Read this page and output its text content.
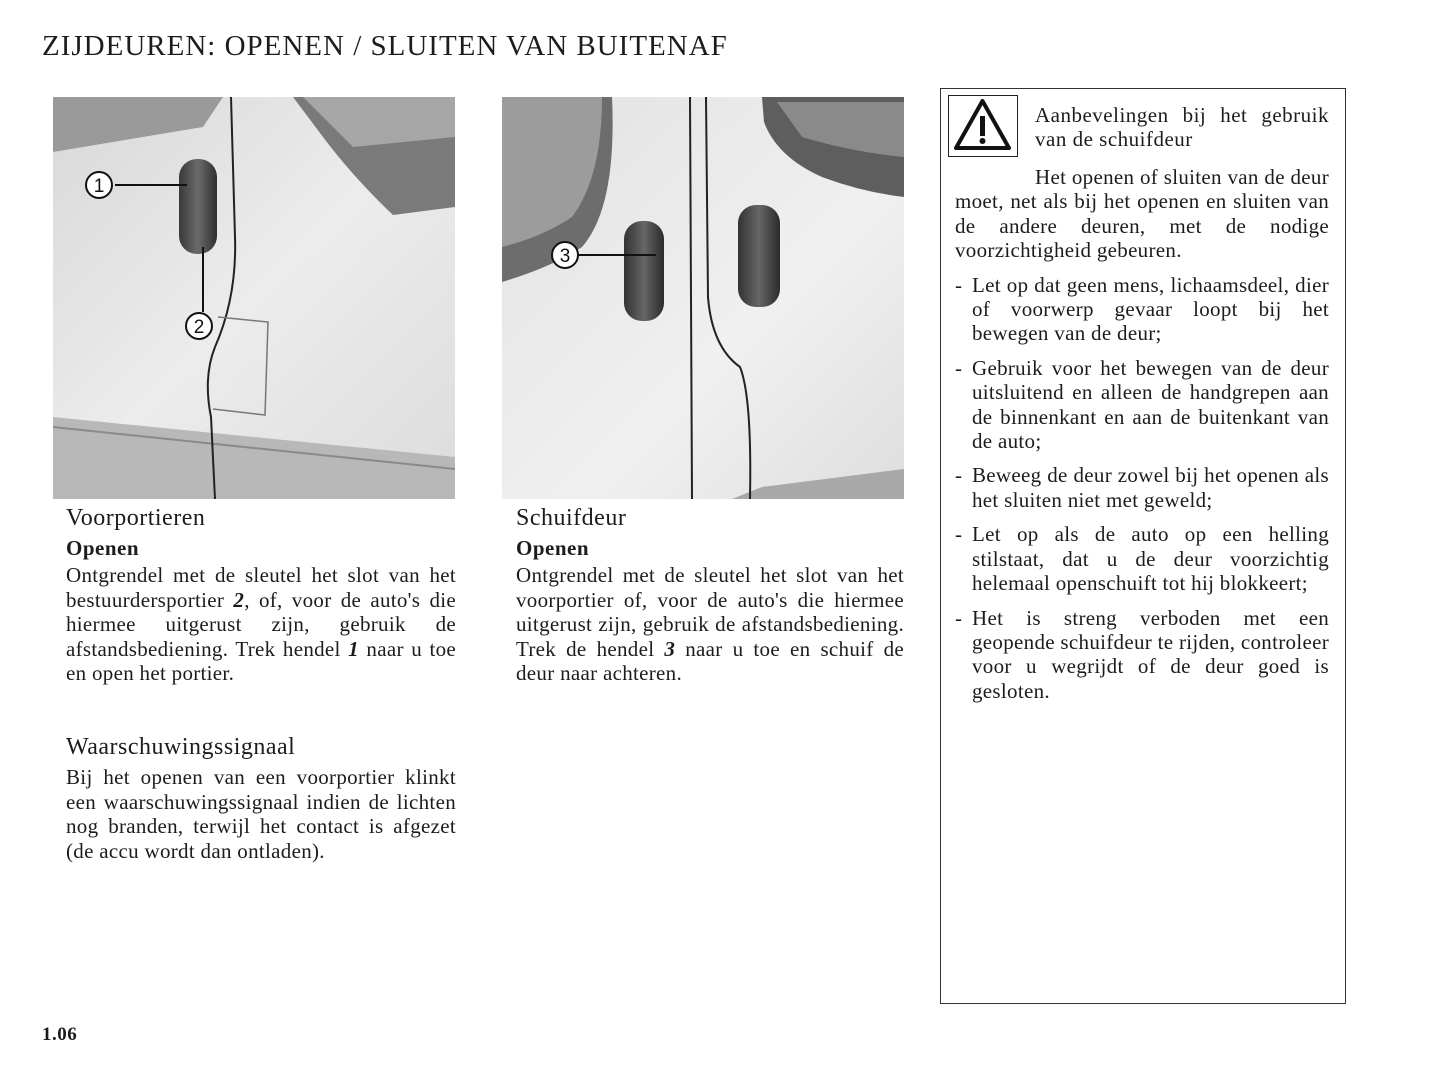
ZIJDEUREN: OPENEN / SLUITEN VAN BUITENAF
1
2
3
Voorportieren
Openen

Ontgrendel met de sleutel het slot van het bestuurdersportier 2, of, voor de auto's die hiermee uitgerust zijn, gebruik de afstandsbediening. Trek hendel 1 naar u toe en open het portier.

Waarschuwingssignaal

Bij het openen van een voorportier klinkt een waarschuwingssignaal indien de lichten nog branden, terwijl het contact is afgezet (de accu wordt dan ontladen).

Schuifdeur
Openen

Ontgrendel met de sleutel het slot van het voorportier of, voor de auto's die hiermee uitgerust zijn, gebruik de afstandsbediening. Trek de hendel 3 naar u toe en schuif de deur naar achteren.

Aanbevelingen bij het gebruik van de schuifdeur

Het openen of sluiten van de deur moet, net als bij het openen en sluiten van de andere deuren, met de nodige voorzichtigheid gebeuren.

- Let op dat geen mens, lichaamsdeel, dier of voorwerp gevaar loopt bij het bewegen van de deur;
- Gebruik voor het bewegen van de deur uitsluitend en alleen de handgrepen aan de binnenkant en aan de buitenkant van de auto;
- Beweeg de deur zowel bij het openen als het sluiten niet met geweld;
- Let op als de auto op een helling stilstaat, dat u de deur voorzichtig helemaal openschuift tot hij blokkeert;
- Het is streng verboden met een geopende schuifdeur te rijden, controleer voor u wegrijdt of de deur goed is gesloten.
1.06
